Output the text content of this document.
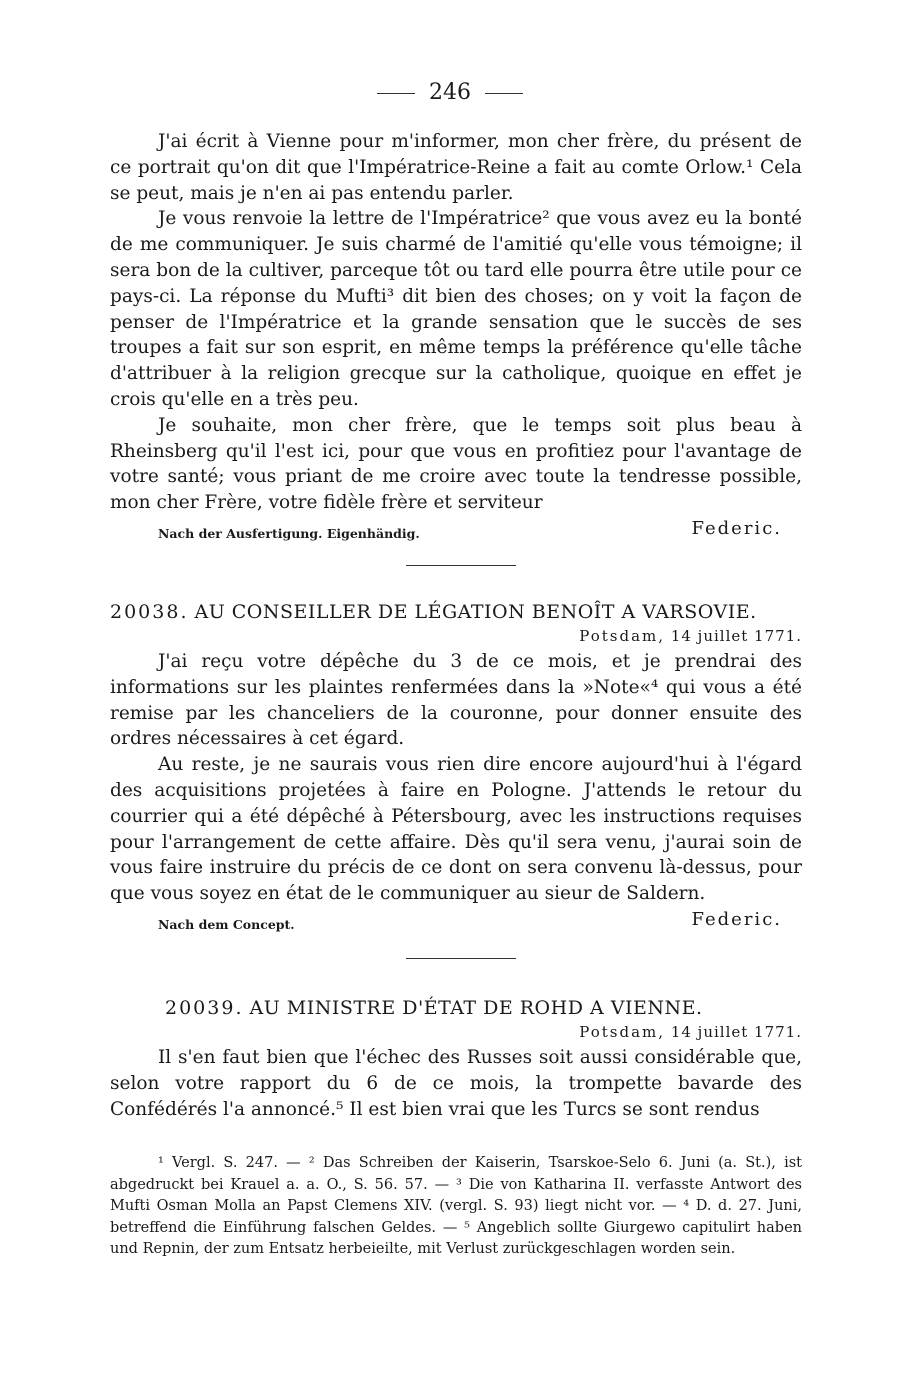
246

J'ai écrit à Vienne pour m'informer, mon cher frère, du présent de ce portrait qu'on dit que l'Impératrice-Reine a fait au comte Orlow.¹ Cela se peut, mais je n'en ai pas entendu parler.

Je vous renvoie la lettre de l'Impératrice² que vous avez eu la bonté de me communiquer. Je suis charmé de l'amitié qu'elle vous témoigne; il sera bon de la cultiver, parceque tôt ou tard elle pourra être utile pour ce pays-ci. La réponse du Mufti³ dit bien des choses; on y voit la façon de penser de l'Impératrice et la grande sensation que le succès de ses troupes a fait sur son esprit, en même temps la préférence qu'elle tâche d'attribuer à la religion grecque sur la catholique, quoique en effet je crois qu'elle en a très peu.

Je souhaite, mon cher frère, que le temps soit plus beau à Rheinsberg qu'il l'est ici, pour que vous en profitiez pour l'avantage de votre santé; vous priant de me croire avec toute la tendresse possible, mon cher Frère, votre fidèle frère et serviteur

Nach der Ausfertigung. Eigenhändig.	Federic.
20038. AU CONSEILLER DE LÉGATION BENOÎT A VARSOVIE.
Potsdam, 14 juillet 1771.

J'ai reçu votre dépêche du 3 de ce mois, et je prendrai des informations sur les plaintes renfermées dans la »Note«⁴ qui vous a été remise par les chanceliers de la couronne, pour donner ensuite des ordres nécessaires à cet égard.

Au reste, je ne saurais vous rien dire encore aujourd'hui à l'égard des acquisitions projetées à faire en Pologne. J'attends le retour du courrier qui a été dépêché à Pétersbourg, avec les instructions requises pour l'arrangement de cette affaire. Dès qu'il sera venu, j'aurai soin de vous faire instruire du précis de ce dont on sera convenu là-dessus, pour que vous soyez en état de le communiquer au sieur de Saldern.

Nach dem Concept.	Federic.
20039. AU MINISTRE D'ÉTAT DE ROHD A VIENNE.
Potsdam, 14 juillet 1771.

Il s'en faut bien que l'échec des Russes soit aussi considérable que, selon votre rapport du 6 de ce mois, la trompette bavarde des Confédérés l'a annoncé.⁵ Il est bien vrai que les Turcs se sont rendus

¹ Vergl. S. 247. — ² Das Schreiben der Kaiserin, Tsarskoe-Selo 6. Juni (a. St.), ist abgedruckt bei Krauel a. a. O., S. 56. 57. — ³ Die von Katharina II. verfasste Antwort des Mufti Osman Molla an Papst Clemens XIV. (vergl. S. 93) liegt nicht vor. — ⁴ D. d. 27. Juni, betreffend die Einführung falschen Geldes. — ⁵ Angeblich sollte Giurgewo capitulirt haben und Repnin, der zum Entsatz herbeieilte, mit Verlust zurückgeschlagen worden sein.
